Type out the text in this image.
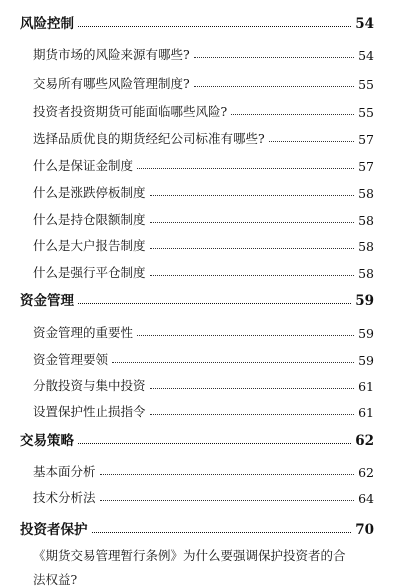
风险控制	54
期货市场的风险来源有哪些?	54
交易所有哪些风险管理制度?	55
投资者投资期货可能面临哪些风险?	55
选择品质优良的期货经纪公司标准有哪些?	57
什么是保证金制度	57
什么是涨跌停板制度	58
什么是持仓限额制度	58
什么是大户报告制度	58
什么是强行平仓制度	58
资金管理	59
资金管理的重要性	59
资金管理要领	59
分散投资与集中投资	61
设置保护性止损指令	61
交易策略	62
基本面分析	62
技术分析法	64
投资者保护	70
《期货交易管理暂行条例》为什么要强调保护投资者的合
法权益?
